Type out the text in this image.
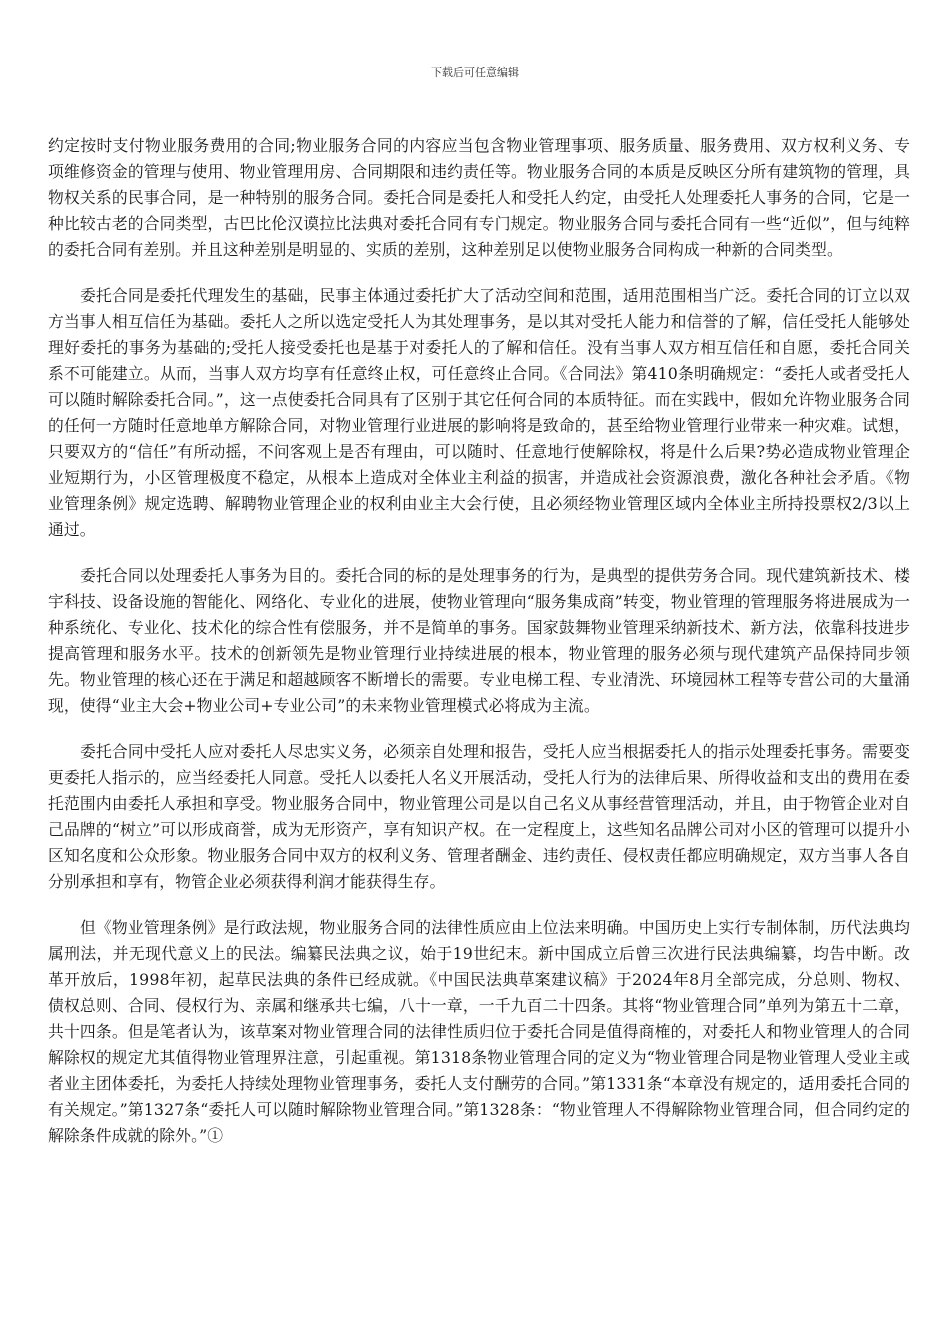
下载后可任意编辑

约定按时支付物业服务费用的合同;物业服务合同的内容应当包含物业管理事项、服务质量、服务费用、双方权利义务、专项维修资金的管理与使用、物业管理用房、合同期限和违约责任等。物业服务合同的本质是反映区分所有建筑物的管理，具物权关系的民事合同，是一种特别的服务合同。委托合同是委托人和受托人约定，由受托人处理委托人事务的合同，它是一种比较古老的合同类型，古巴比伦汉谟拉比法典对委托合同有专门规定。物业服务合同与委托合同有一些“近似”，但与纯粹的委托合同有差别。并且这种差别是明显的、实质的差别，这种差别足以使物业服务合同构成一种新的合同类型。

委托合同是委托代理发生的基础，民事主体通过委托扩大了活动空间和范围，适用范围相当广泛。委托合同的订立以双方当事人相互信任为基础。委托人之所以选定受托人为其处理事务，是以其对受托人能力和信誉的了解，信任受托人能够处理好委托的事务为基础的;受托人接受委托也是基于对委托人的了解和信任。没有当事人双方相互信任和自愿，委托合同关系不可能建立。从而，当事人双方均享有任意终止权，可任意终止合同。《合同法》第410条明确规定：“委托人或者受托人可以随时解除委托合同。”，这一点使委托合同具有了区别于其它任何合同的本质特征。而在实践中，假如允许物业服务合同的任何一方随时任意地单方解除合同，对物业管理行业进展的影响将是致命的，甚至给物业管理行业带来一种灾难。试想，只要双方的“信任”有所动摇，不问客观上是否有理由，可以随时、任意地行使解除权，将是什么后果?势必造成物业管理企业短期行为，小区管理极度不稳定，从根本上造成对全体业主利益的损害，并造成社会资源浪费，激化各种社会矛盾。《物业管理条例》规定选聘、解聘物业管理企业的权利由业主大会行使，且必须经物业管理区域内全体业主所持投票权2/3以上通过。

委托合同以处理委托人事务为目的。委托合同的标的是处理事务的行为，是典型的提供劳务合同。现代建筑新技术、楼宇科技、设备设施的智能化、网络化、专业化的进展，使物业管理向“服务集成商”转变，物业管理的管理服务将进展成为一种系统化、专业化、技术化的综合性有偿服务，并不是简单的事务。国家鼓舞物业管理采纳新技术、新方法，依靠科技进步提高管理和服务水平。技术的创新领先是物业管理行业持续进展的根本，物业管理的服务必须与现代建筑产品保持同步领先。物业管理的核心还在于满足和超越顾客不断增长的需要。专业电梯工程、专业清洗、环境园林工程等专营公司的大量涌现，使得“业主大会+物业公司+专业公司”的未来物业管理模式必将成为主流。

委托合同中受托人应对委托人尽忠实义务，必须亲自处理和报告，受托人应当根据委托人的指示处理委托事务。需要变更委托人指示的，应当经委托人同意。受托人以委托人名义开展活动，受托人行为的法律后果、所得收益和支出的费用在委托范围内由委托人承担和享受。物业服务合同中，物业管理公司是以自己名义从事经营管理活动，并且，由于物管企业对自己品牌的“树立”可以形成商誉，成为无形资产，享有知识产权。在一定程度上，这些知名品牌公司对小区的管理可以提升小区知名度和公众形象。物业服务合同中双方的权利义务、管理者酬金、违约责任、侵权责任都应明确规定，双方当事人各自分别承担和享有，物管企业必须获得利润才能获得生存。

但《物业管理条例》是行政法规，物业服务合同的法律性质应由上位法来明确。中国历史上实行专制体制，历代法典均属刑法，并无现代意义上的民法。编纂民法典之议，始于19世纪末。新中国成立后曾三次进行民法典编纂，均告中断。改革开放后，1998年初，起草民法典的条件已经成就。《中国民法典草案建议稿》于2024年8月全部完成，分总则、物权、债权总则、合同、侵权行为、亲属和继承共七编，八十一章，一千九百二十四条。其将“物业管理合同”单列为第五十二章，共十四条。但是笔者认为，该草案对物业管理合同的法律性质归位于委托合同是值得商榷的，对委托人和物业管理人的合同解除权的规定尤其值得物业管理界注意，引起重视。第1318条物业管理合同的定义为“物业管理合同是物业管理人受业主或者业主团体委托，为委托人持续处理物业管理事务，委托人支付酬劳的合同。”第1331条“本章没有规定的，适用委托合同的有关规定。”第1327条“委托人可以随时解除物业管理合同。”第1328条：“物业管理人不得解除物业管理合同，但合同约定的解除条件成就的除外。”①
